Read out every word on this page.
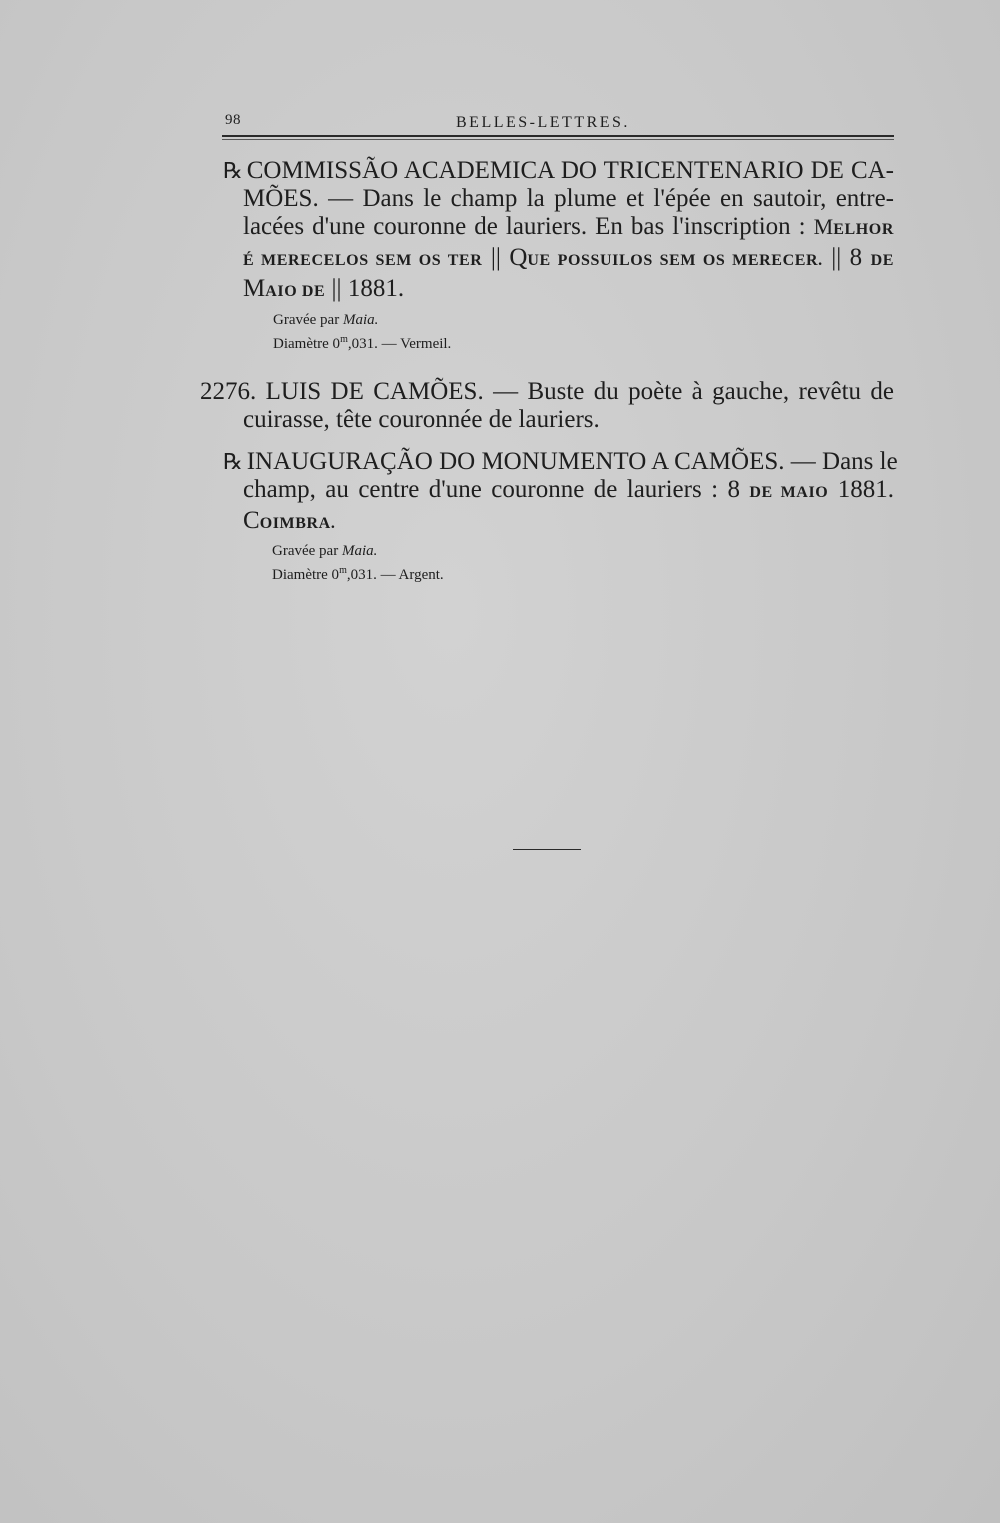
98	BELLES-LETTRES.
℞ COMMISSÃO ACADEMICA DO TRICENTENARIO DE CA-
MÕES. — Dans le champ la plume et l'épée en sautoir, entre-
lacées d'une couronne de lauriers. En bas l'inscription : MELHOR
É MERECELOS SEM OS TER || QUE POSSUILOS SEM OS MERECER. || 8 DE
MAIO DE || 1881.
Gravée par Maia.
Diamètre 0$^m$,031. — Vermeil.
2276. LUIS DE CAMÕES. — Buste du poète à gauche, revêtu de
cuirasse, tête couronnée de lauriers.
℞ INAUGURAÇÃO DO MONUMENTO A CAMÕES. — Dans le
champ, au centre d'une couronne de lauriers : 8 DE MAIO 1881.
COIMBRA.
Gravée par Maia.
Diamètre 0$^m$,031. — Argent.
